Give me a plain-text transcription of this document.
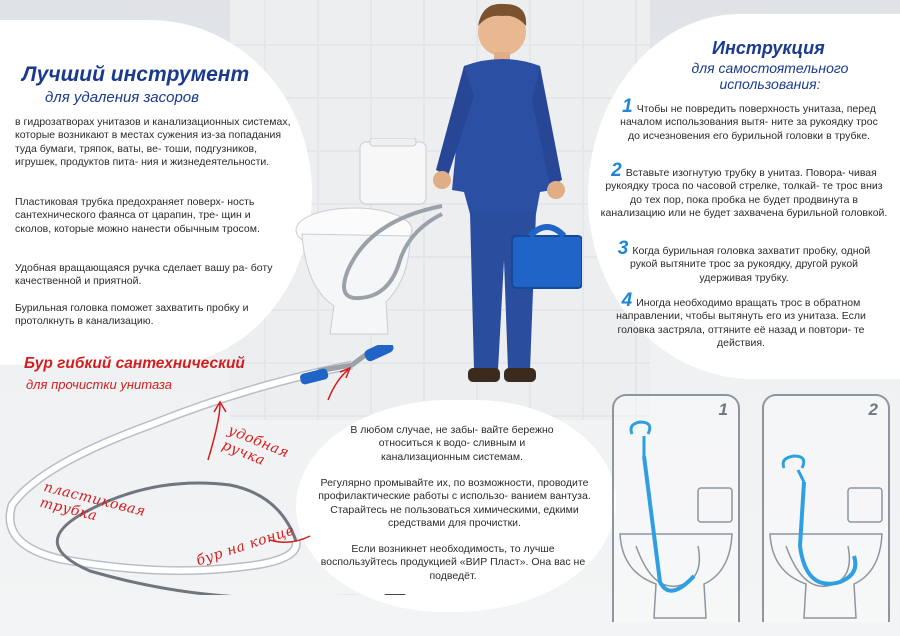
Лучший инструмент
для удаления засоров
в гидрозатворах унитазов и канализационных системах, которые возникают в местах сужения из-за попадания туда бумаги, тряпок, ваты, ве- тоши, подгузников, игрушек, продуктов пита- ния и жизнедеятельности.
Пластиковая трубка предохраняет поверх- ность сантехнического фаянса от царапин, тре- щин и сколов, которые можно нанести обычным тросом.
Удобная вращающаяся ручка сделает вашу ра- боту качественной и приятной.
Бурильная головка поможет захватить пробку и протолкнуть в канализацию.
Инструкция
для самостоятельного использования:
1 Чтобы не повредить поверхность унитаза, перед началом использования вытя- ните за рукоядку трос до исчезновения его бурильной головки в трубке.
2 Вставьте изогнутую трубку в унитаз. Повора- чивая рукоядку троса по часовой стрелке, толкай- те трос вниз до тех пор, пока пробка не будет продвинута в канализацию или не будет захвачена бурильной головкой.
3 Когда бурильная головка захватит пробку, одной рукой вытяните трос за рукоядку, другой рукой удерживая трубку.
4 Иногда необходимо вращать трос в обратном направлении, чтобы вытянуть его из унитаза. Если головка застряла, оттяните её назад и повтори- те действия.
Бур гибкий сантехнический
для прочистки унитаза
удобная ручка
пластиковая трубка
бур на конце
В любом случае, не забы- вайте бережно относиться к водо- сливным и канализационным системам.
Регулярно промывайте их, по возможности, проводите профилактические работы с использо- ванием вантуза. Старайтесь не пользоваться химическими, едкими средствами для прочистки.
Если возникнет необходимость, то лучше воспользуйтесь продукцией «ВИР Пласт». Она вас не подведёт.
1	2
